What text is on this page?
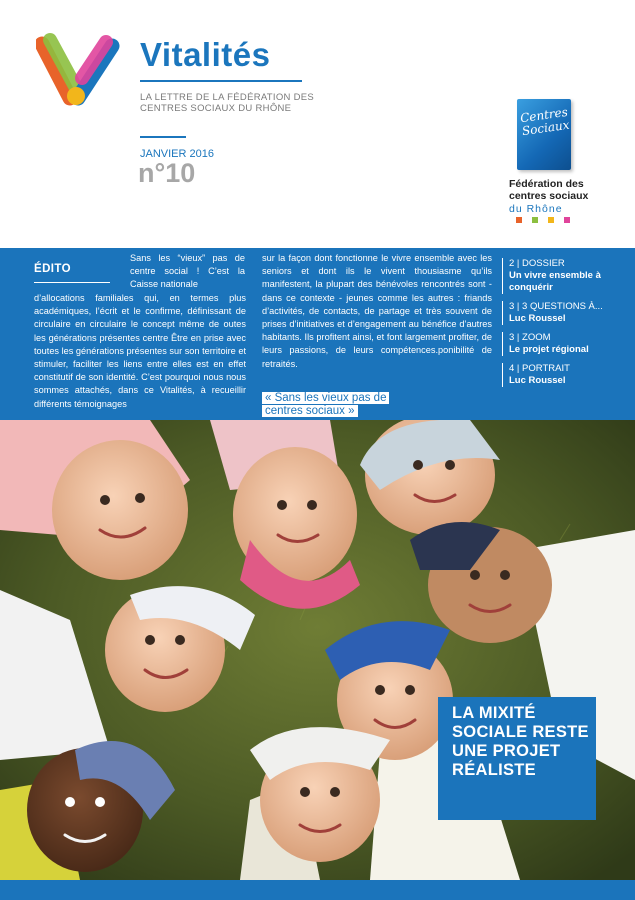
Vitalités
LA LETTRE DE LA FÉDÉRATION DES CENTRES SOCIAUX DU RHÔNE
JANVIER 2016
n°10
Centres Sociaux
Fédération des centres sociaux
du Rhône
ÉDITO
Sans les “vieux” pas de centre social ! C’est la Caisse nationale
d’allocations familiales qui, en termes plus académiques, l’écrit et le confirme, définissant de circulaire en circulaire le concept même de outes les générations présentes centre Être en prise avec toutes les générations présentes sur son territoire et stimuler, faciliter les liens entre elles est en effet constitutif de son identité. C’est pourquoi nous nous sommes attachés, dans ce Vitalités, à recueillir différents témoignages
sur la façon dont fonctionne le vivre ensemble avec les seniors et dont ils le vivent thousiasme qu’ils manifestent, la plupart des bénévoles rencontrés sont - dans ce contexte - jeunes comme les autres : friands d’activités, de contacts, de partage et très souvent de prises d’initiatives et d’engagement au bénéfice d’autres habitants. Ils profitent ainsi, et font largement profiter, de leurs passions, de leurs compétences.ponibilité de retraités.
« Sans les vieux pas de centres sociaux »
2 | DOSSIER
Un vivre ensemble à conquérir
3 | 3 QUESTIONS À...
Luc Roussel
3 | ZOOM
Le projet régional
4 | PORTRAIT
Luc Roussel
LA MIXITÉ SOCIALE RESTE UNE PROJET RÉALISTE
